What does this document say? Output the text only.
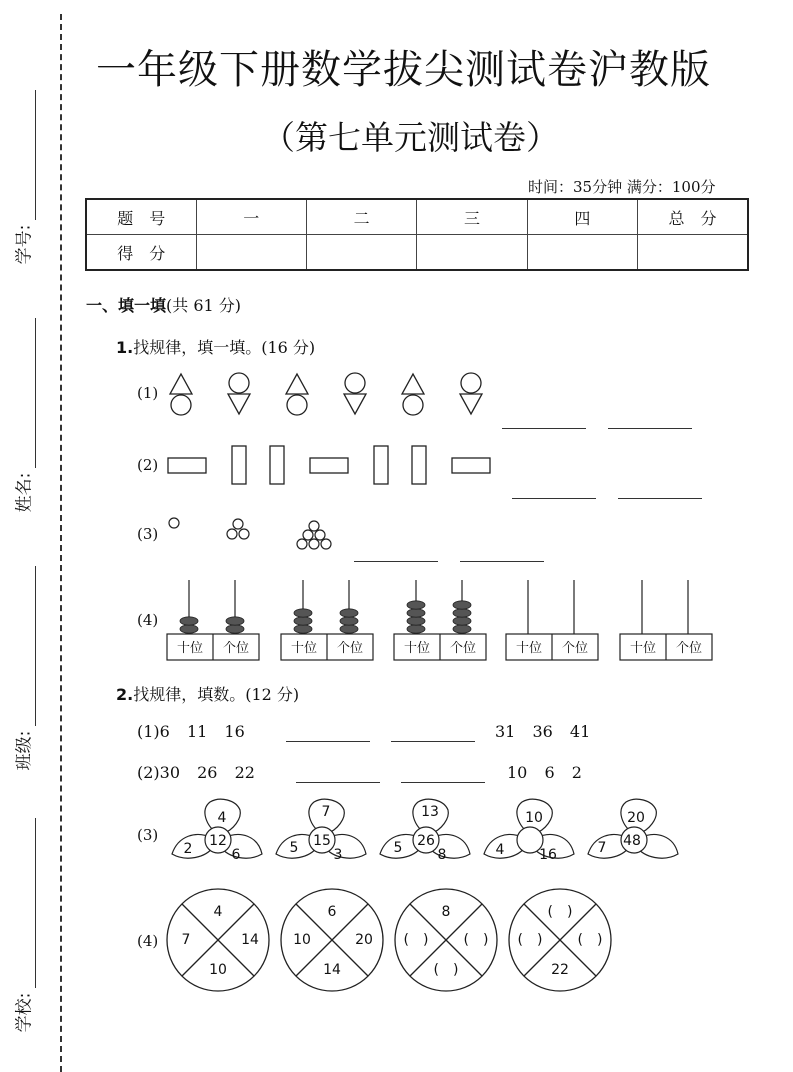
学号:
姓名:
班级:
学校:
一年级下册数学拔尖测试卷沪教版
（第七单元测试卷）
时间：35分钟 满分：100分
题　号	一	二	三	四	总　分
得　分					
一、填一填(共 61 分)
1.找规律，填一填。(16 分)
(1)
(2)
(3)
(4)
十位 个位	十位 个位	十位 个位	十位 个位	十位 个位
2.找规律，填数。(12 分)
(1)6 11 16	31 36 41
(2)30 26 22	10 6 2
(3)
4
12
2	6
7
15
5	3
13
26
5	8
10
4 16
20
48
7
(4)
4
7	14
10
6
10	20
14
8
(　)	(　)
(　)
(　)
(　)	(　)
22
